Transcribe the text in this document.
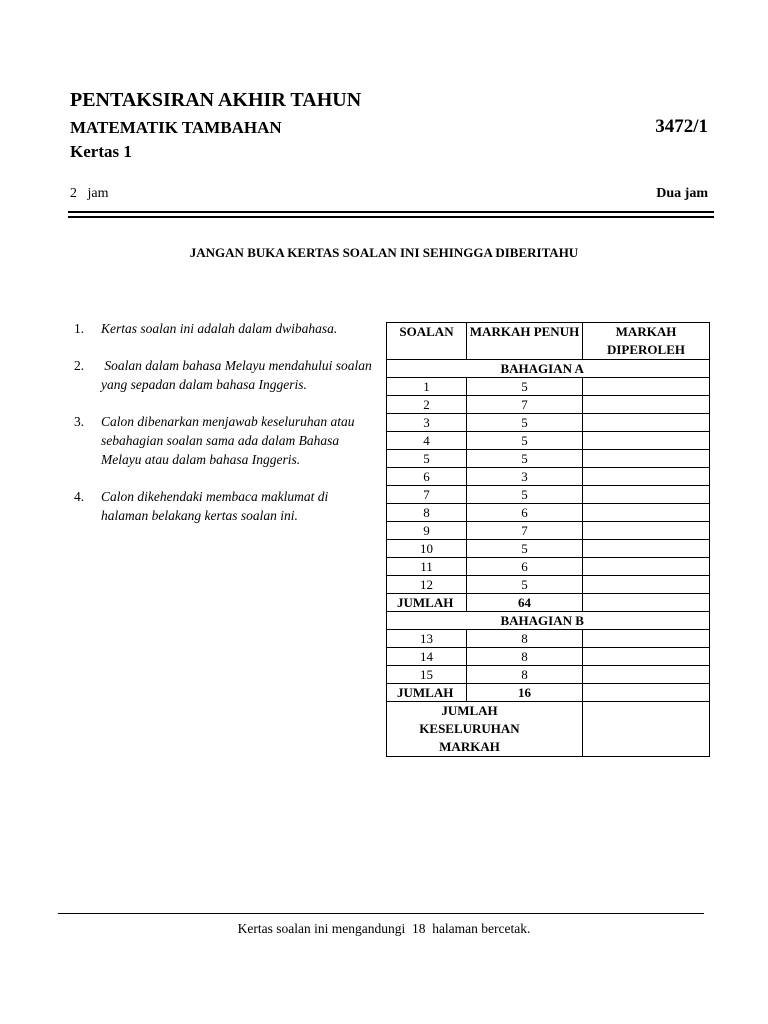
PENTAKSIRAN AKHIR TAHUN
MATEMATIK TAMBAHAN	3472/1
Kertas 1
2   jam	Dua jam
JANGAN BUKA KERTAS SOALAN INI SEHINGGA DIBERITAHU
1.	Kertas soalan ini adalah dalam dwibahasa.
2.	Soalan dalam bahasa Melayu mendahului soalan yang sepadan dalam bahasa Inggeris.
3.	Calon dibenarkan menjawab keseluruhan atau sebahagian soalan sama ada dalam Bahasa Melayu atau dalam bahasa Inggeris.
4.	Calon dikehendaki membaca maklumat di halaman belakang kertas soalan ini.
SOALAN	MARKAH PENUH	MARKAH DIPEROLEH
	BAHAGIAN A	
1	5	
2	7	
3	5	
4	5	
5	5	
6	3	
7	5	
8	6	
9	7	
10	5	
11	6	
12	5	
JUMLAH	64	
	BAHAGIAN B	
13	8	
14	8	
15	8	
JUMLAH	16	
JUMLAH KESELURUHAN MARKAH		
Kertas soalan ini mengandungi  18  halaman bercetak.
